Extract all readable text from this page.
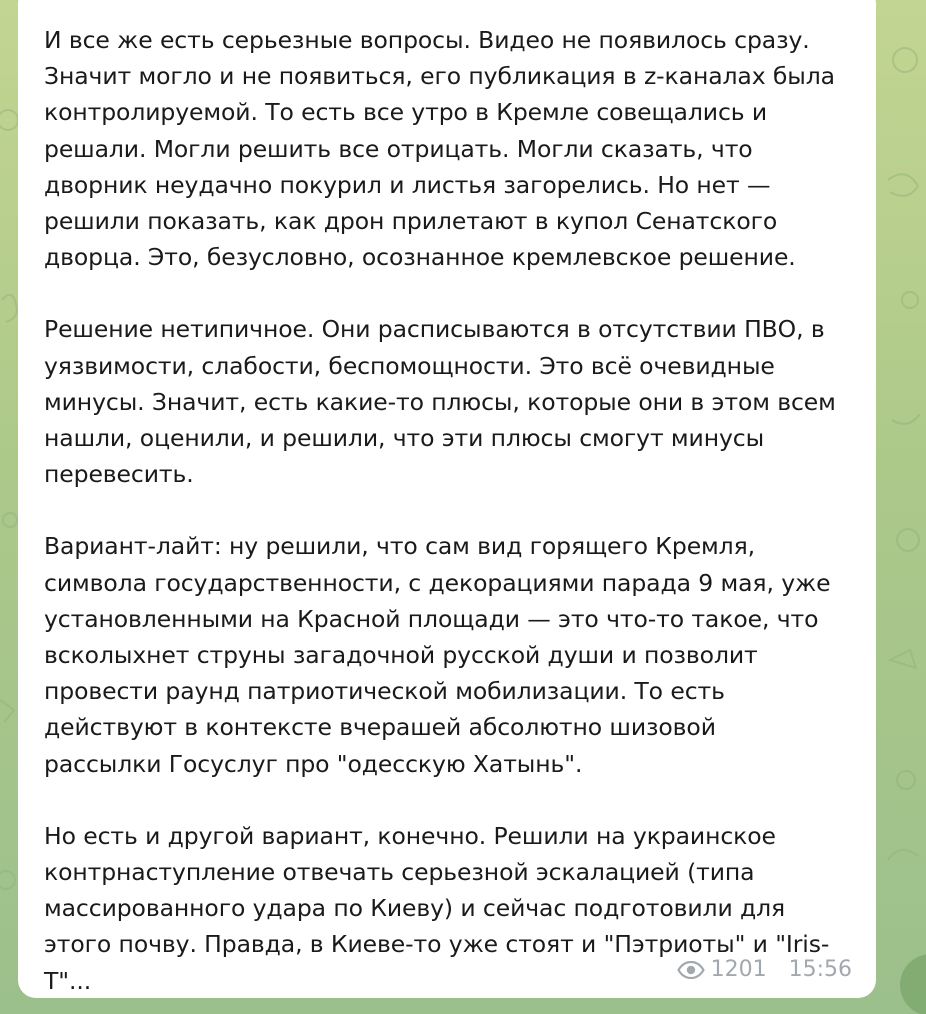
И все же есть серьезные вопросы. Видео не появилось сразу.
Значит могло и не появиться, его публикация в z-каналах была
контролируемой. То есть все утро в Кремле совещались и
решали. Могли решить все отрицать. Могли сказать, что
дворник неудачно покурил и листья загорелись. Но нет —
решили показать, как дрон прилетают в купол Сенатского
дворца. Это, безусловно, осознанное кремлевское решение.
Решение нетипичное. Они расписываются в отсутствии ПВО, в
уязвимости, слабости, беспомощности. Это всё очевидные
минусы. Значит, есть какие-то плюсы, которые они в этом всем
нашли, оценили, и решили, что эти плюсы смогут минусы
перевесить.
Вариант-лайт: ну решили, что сам вид горящего Кремля,
символа государственности, с декорациями парада 9 мая, уже
установленными на Красной площади — это что-то такое, что
всколыхнет струны загадочной русской души и позволит
провести раунд патриотической мобилизации. То есть
действуют в контексте вчерашей абсолютно шизовой
рассылки Госуслуг про "одесскую Хатынь".
Но есть и другой вариант, конечно. Решили на украинское
контрнаступление отвечать серьезной эскалацией (типа
массированного удара по Киеву) и сейчас подготовили для
этого почву. Правда, в Киеве-то уже стоят и "Пэтриоты" и "Iris-
T"...	1201 15:56
